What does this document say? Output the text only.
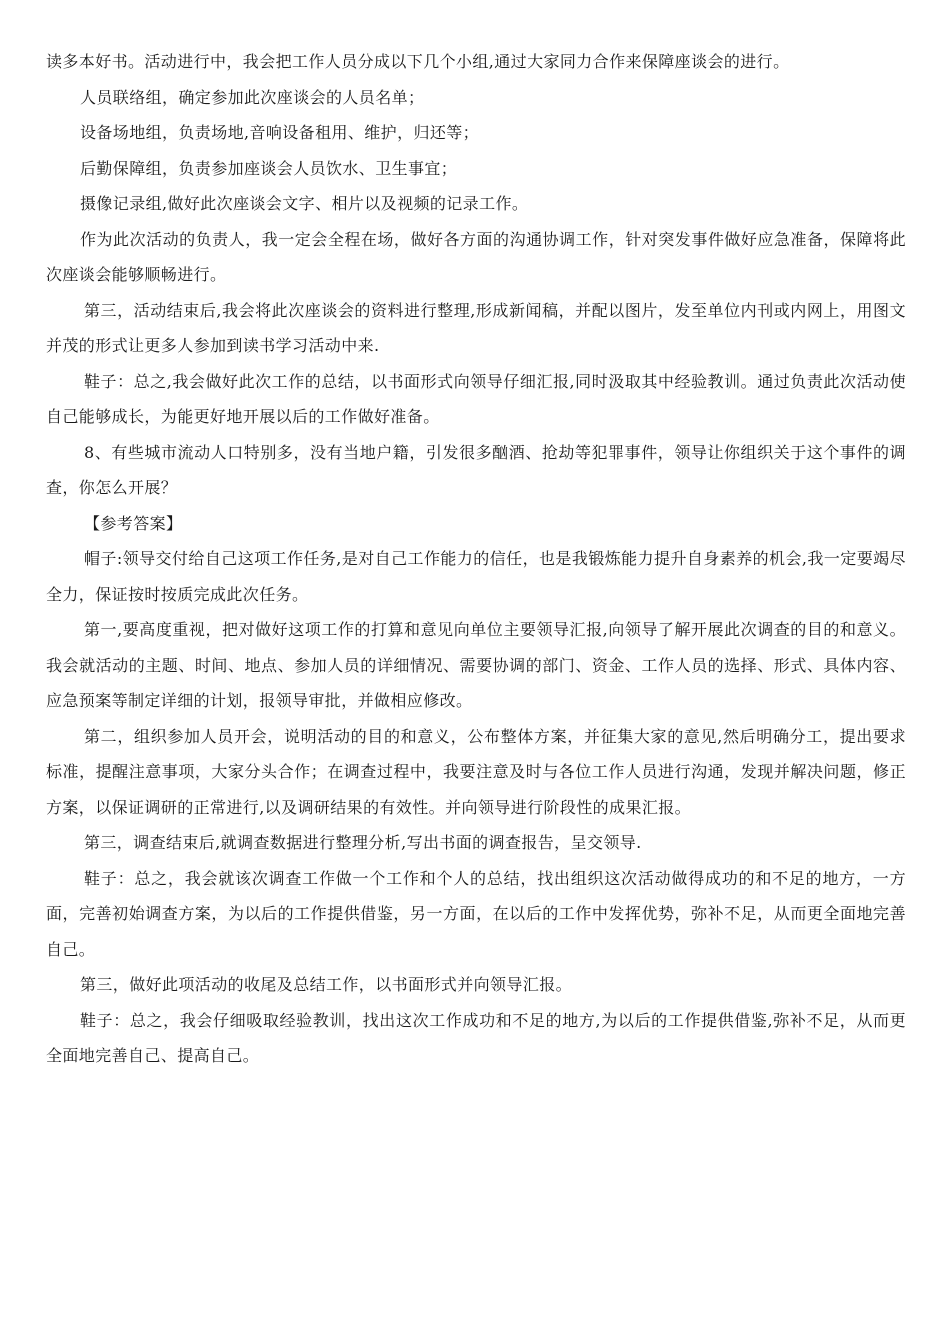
读多本好书。活动进行中，我会把工作人员分成以下几个小组,通过大家同力合作来保障座谈会的进行。

人员联络组，确定参加此次座谈会的人员名单；

设备场地组，负责场地,音响设备租用、维护，归还等；

后勤保障组，负责参加座谈会人员饮水、卫生事宜；

摄像记录组,做好此次座谈会文字、相片以及视频的记录工作。

作为此次活动的负责人，我一定会全程在场，做好各方面的沟通协调工作，针对突发事件做好应急准备，保障将此次座谈会能够顺畅进行。

第三，活动结束后,我会将此次座谈会的资料进行整理,形成新闻稿，并配以图片，发至单位内刊或内网上，用图文并茂的形式让更多人参加到读书学习活动中来.

鞋子：总之,我会做好此次工作的总结，以书面形式向领导仔细汇报,同时汲取其中经验教训。通过负责此次活动使自己能够成长，为能更好地开展以后的工作做好准备。

8、有些城市流动人口特别多，没有当地户籍，引发很多酗酒、抢劫等犯罪事件，领导让你组织关于这个事件的调查，你怎么开展？

【参考答案】

帽子:领导交付给自己这项工作任务,是对自己工作能力的信任，也是我锻炼能力提升自身素养的机会,我一定要竭尽全力，保证按时按质完成此次任务。

第一,要高度重视，把对做好这项工作的打算和意见向单位主要领导汇报,向领导了解开展此次调查的目的和意义。我会就活动的主题、时间、地点、参加人员的详细情况、需要协调的部门、资金、工作人员的选择、形式、具体内容、应急预案等制定详细的计划，报领导审批，并做相应修改。

第二，组织参加人员开会，说明活动的目的和意义，公布整体方案，并征集大家的意见,然后明确分工，提出要求标准，提醒注意事项，大家分头合作；在调查过程中，我要注意及时与各位工作人员进行沟通，发现并解决问题，修正方案，以保证调研的正常进行,以及调研结果的有效性。并向领导进行阶段性的成果汇报。

第三，调查结束后,就调查数据进行整理分析,写出书面的调查报告，呈交领导.

鞋子：总之，我会就该次调查工作做一个工作和个人的总结，找出组织这次活动做得成功的和不足的地方，一方面，完善初始调查方案，为以后的工作提供借鉴，另一方面，在以后的工作中发挥优势，弥补不足，从而更全面地完善自己。

第三，做好此项活动的收尾及总结工作，以书面形式并向领导汇报。

鞋子：总之，我会仔细吸取经验教训，找出这次工作成功和不足的地方,为以后的工作提供借鉴,弥补不足，从而更全面地完善自己、提高自己。
